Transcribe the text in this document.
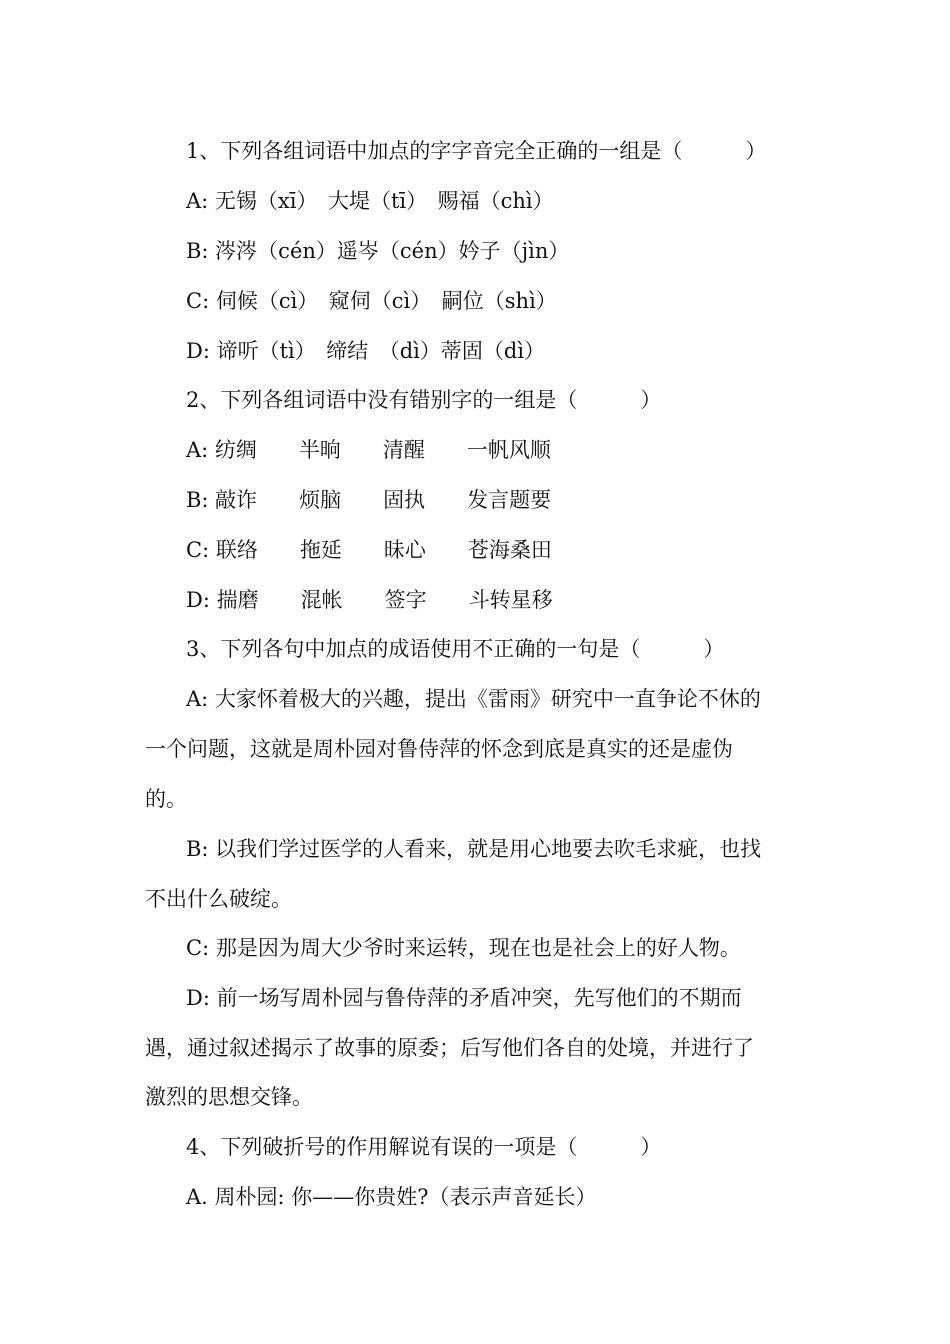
1、下列各组词语中加点的字字音完全正确的一组是（　　　）
A: 无锡（xī）　大堤（tī）　赐福（chì）
B: 涔涔（cén）遥岑（cén）妗子（jìn）
C: 伺候（cì）　窥伺（cì）　嗣位（shì）
D: 谛听（tì）　缔结　（dì）蒂固（dì）
2、下列各组词语中没有错别字的一组是（　　　）
A: 纺绸　　半晌　　清醒　　一帆风顺
B: 敲诈　　烦脑　　固执　　发言题要
C: 联络　　拖延　　昧心　　苍海桑田
D: 揣磨　　混帐　　签字　　斗转星移
3、下列各句中加点的成语使用不正确的一句是（　　　）
A: 大家怀着极大的兴趣，提出《雷雨》研究中一直争论不休的
一个问题，这就是周朴园对鲁侍萍的怀念到底是真实的还是虚伪
的。
B: 以我们学过医学的人看来，就是用心地要去吹毛求疵，也找
不出什么破绽。
C: 那是因为周大少爷时来运转，现在也是社会上的好人物。
D: 前一场写周朴园与鲁侍萍的矛盾冲突，先写他们的不期而
遇，通过叙述揭示了故事的原委；后写他们各自的处境，并进行了
激烈的思想交锋。
4、下列破折号的作用解说有误的一项是（　　　）
A. 周朴园: 你——你贵姓?（表示声音延长）
